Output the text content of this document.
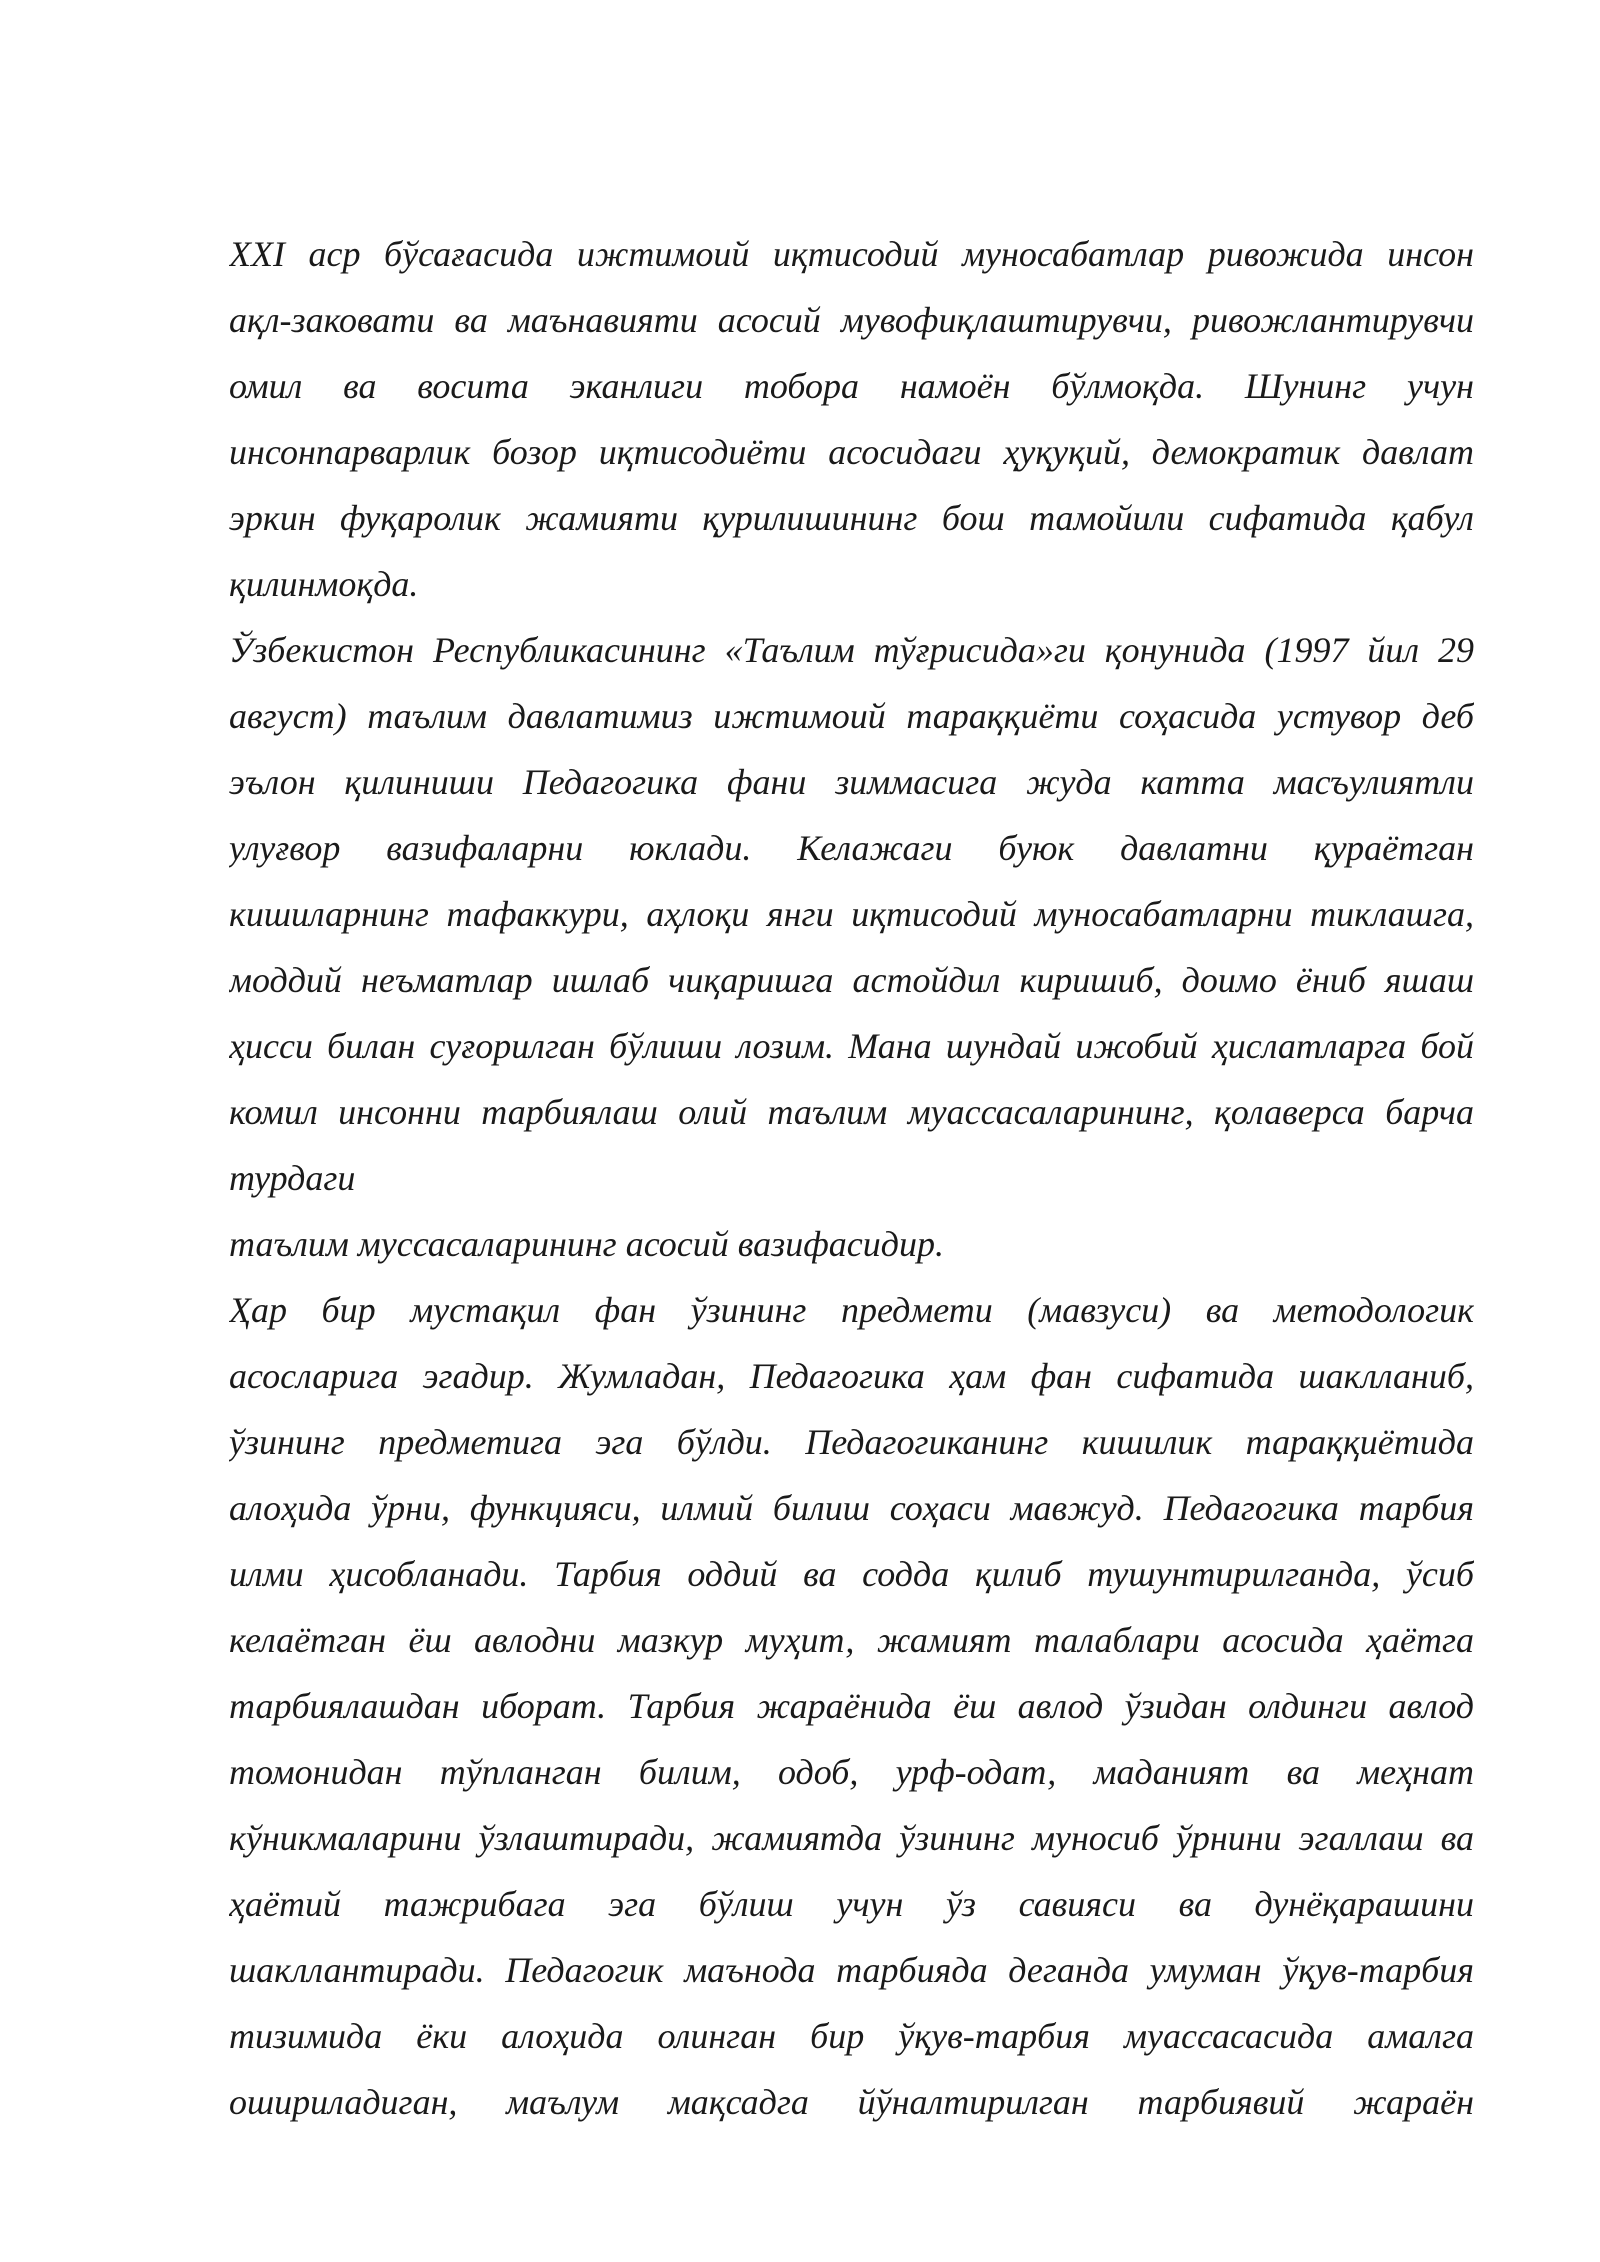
XXI аср бўсағасида ижтимоий иқтисодий муносабатлар ривожида инсон
ақл-заковати ва маънавияти асосий мувофиқлаштирувчи, ривожлантирувчи
омил ва восита эканлиги тобора намоён бўлмоқда. Шунинг учун
инсонпарварлик бозор иқтисодиёти асосидаги ҳуқуқий, демократик давлат
эркин фуқаролик жамияти қурилишининг бош тамойили сифатида қабул
қилинмоқда.
Ўзбекистон Республикасининг «Таълим тўғрисида»ги қонунида (1997 йил 29
август) таълим давлатимиз ижтимоий тараққиёти соҳасида устувор деб
эълон қилиниши Педагогика фани зиммасига жуда катта масъулиятли
улуғвор вазифаларни юклади. Келажаги буюк давлатни қураётган
кишиларнинг тафаккури, аҳлоқи янги иқтисодий муносабатларни тиклашга,
моддий неъматлар ишлаб чиқаришга астойдил киришиб, доимо ёниб яшаш
ҳисси билан суғорилган бўлиши лозим. Мана шундай ижобий ҳислатларга бой
комил инсонни тарбиялаш олий таълим муассасаларининг, қолаверса барча
турдаги
таълим муссасаларининг асосий вазифасидир.
Ҳар бир мустақил фан ўзининг предмети (мавзуси) ва методологик
асосларига эгадир. Жумладан, Педагогика ҳам фан сифатида шаклланиб,
ўзининг предметига эга бўлди. Педагогиканинг кишилик тараққиётида
алоҳида ўрни, функцияси, илмий билиш соҳаси мавжуд. Педагогика тарбия
илми ҳисобланади. Тарбия оддий ва содда қилиб тушунтирилганда, ўсиб
келаётган ёш авлодни мазкур муҳит, жамият талаблари асосида ҳаётга
тарбиялашдан иборат. Тарбия жараёнида ёш авлод ўзидан олдинги авлод
томонидан тўпланган билим, одоб, урф-одат, маданият ва меҳнат
кўникмаларини ўзлаштиради, жамиятда ўзининг муносиб ўрнини эгаллаш ва
ҳаётий тажрибага эга бўлиш учун ўз савияси ва дунёқарашини
шакллантиради. Педагогик маънода тарбияда деганда умуман ўқув-тарбия
тизимида ёки алоҳида олинган бир ўқув-тарбия муассасасида амалга
ошириладиган, маълум мақсадга йўналтирилган тарбиявий жараён
